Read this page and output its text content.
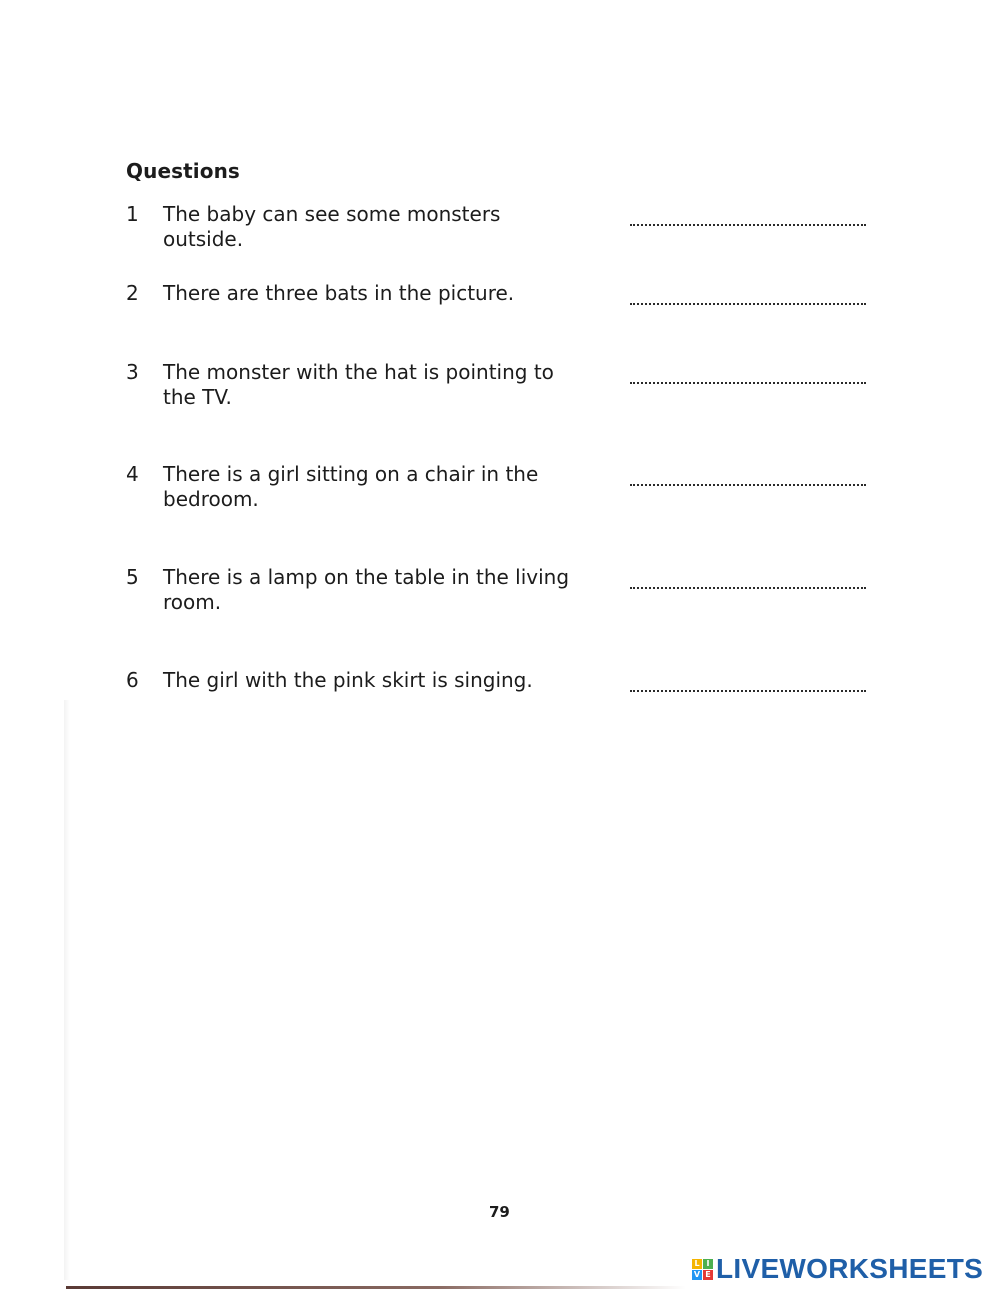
Questions
1	The baby can see some monsters outside.
2	There are three bats in the picture.
3	The monster with the hat is pointing to the TV.
4	There is a girl sitting on a chair in the bedroom.
5	There is a lamp on the table in the living room.
6	The girl with the pink skirt is singing.
79
L I
V E LIVEWORKSHEETS
